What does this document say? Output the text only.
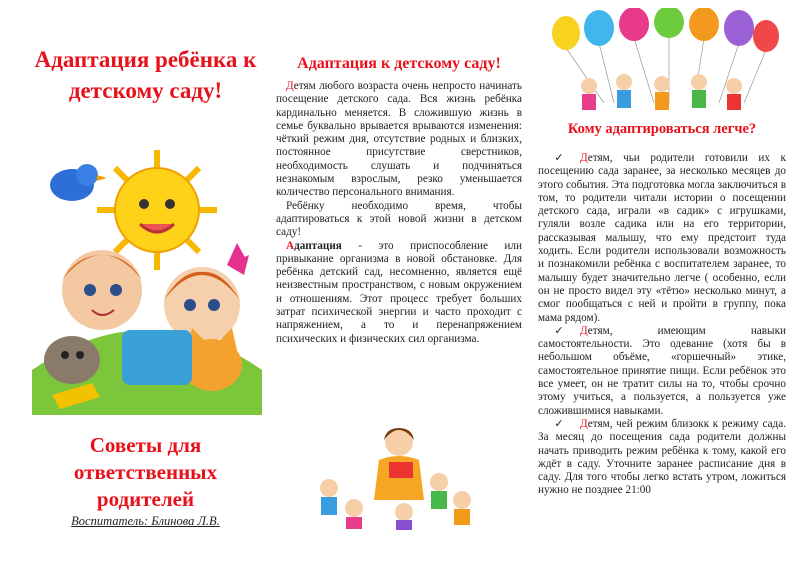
Адаптация ребёнка к детскому саду!
Советы для ответственных родителей
Воспитатель: Блинова Л.В.
Адаптация к детскому саду!

Детям любого возраста очень непросто начинать посещение детского сада. Вся жизнь ребёнка кардинально меняется. В сложившую жизнь в семье буквально врывается врываются изменения: чёткий режим дня, отсутствие родных и близких, постоянное присутствие сверстников, необходимость слушать и подчиняться незнакомым взрослым, резко уменьшается количество персонального внимания.

Ребёнку необходимо время, чтобы адаптироваться к этой новой жизни в детском саду!

Адаптация - это приспособление или привыкание организма в новой обстановке. Для ребёнка детский сад, несомненно, является ещё неизвестным пространством, с новым окружением и отношениям. Этот процесс требует больших затрат психической энергии и часто проходит с напряжением, а то и перенапряжением психических и физических сил организма.

Кому адаптироваться легче?

✓ Детям, чьи родители готовили их к посещению сада заранее, за несколько месяцев до этого события. Эта подготовка могла заключиться в том, то родители читали истории о посещении детского сада, играли «в садик» с игрушками, гуляли возле садика или на его территории, рассказывая малышу, что ему предстоит туда ходить. Если родители использовали возможность и познакомили ребёнка с воспитателем заранее, то малышу будет значительно легче ( особенно, если он не просто видел эту «тётю» несколько минут, а смог пообщаться с ней и пройти в группу, пока мама рядом).

✓ Детям, имеющим навыки самостоятельности. Это одевание (хотя бы в небольшом объёме, «горшечный» этике, самостоятельное принятие пищи. Если ребёнок это все умеет, он не тратит силы на то, чтобы срочно этому учиться, а пользуется, а пользуется уже сложившимися навыками.

✓ Детям, чей режим близокк к режиму сада. За месяц до посещения сада родители должны начать приводить режим ребёнка к тому, какой его ждёт в саду. Уточните заранее расписание дня в саду. Для того чтобы легко встать утром, ложиться нужно не позднее 21:00
